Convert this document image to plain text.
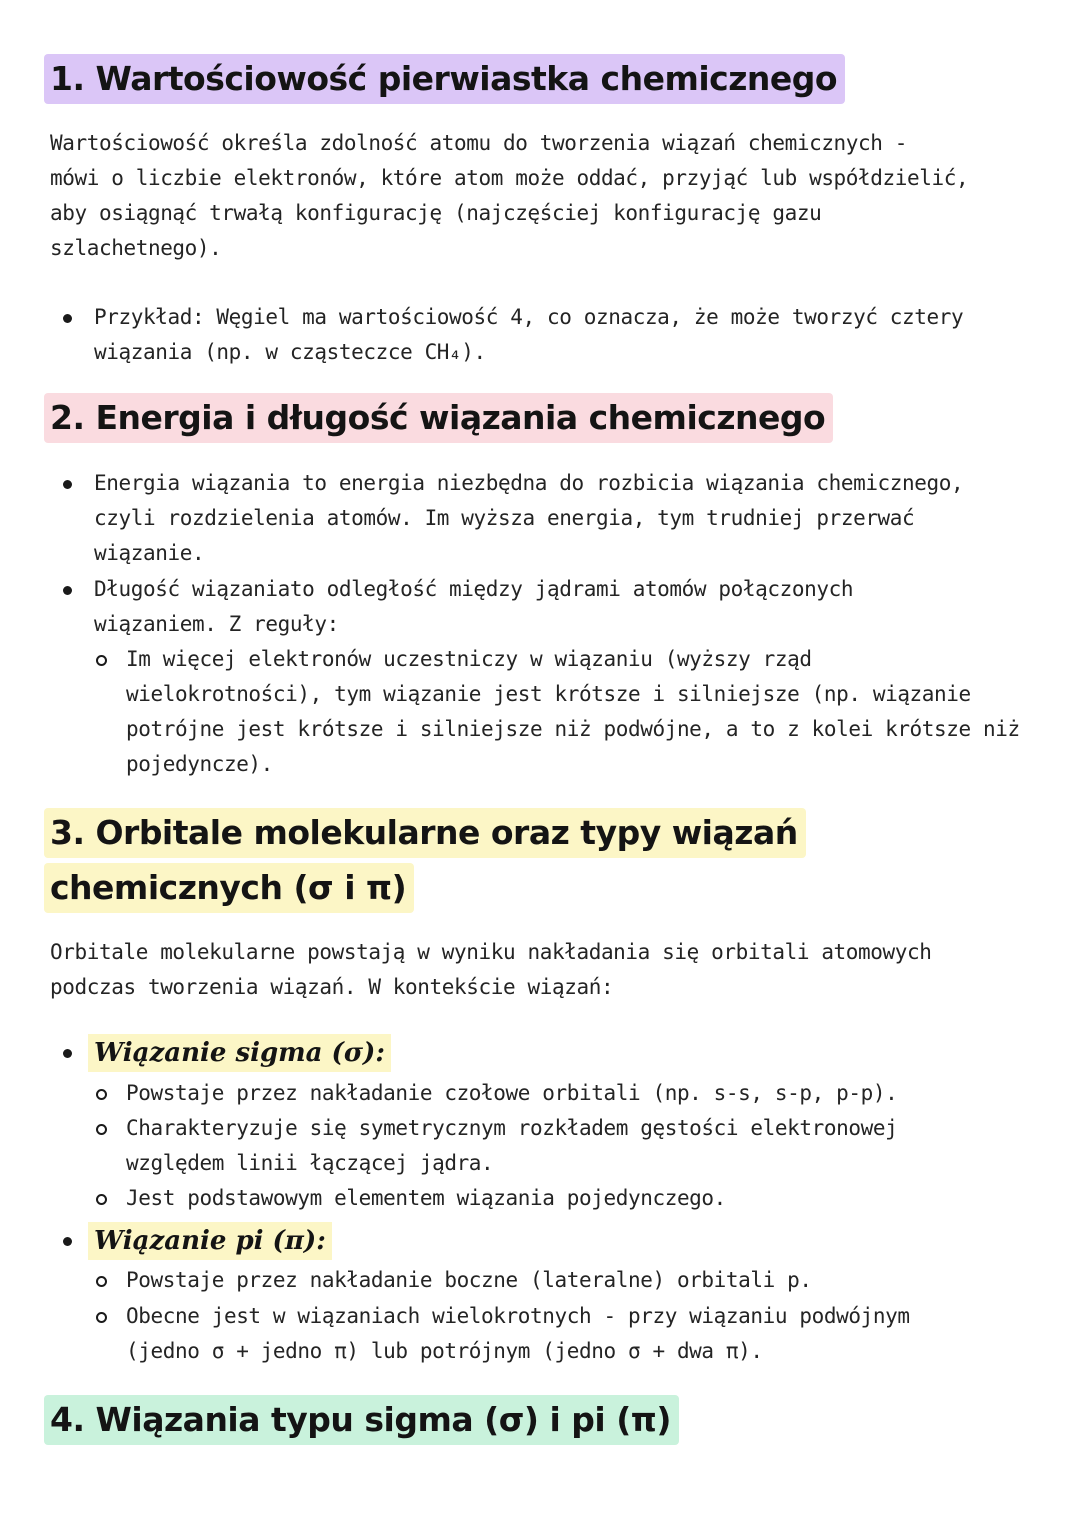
1. Wartościowość pierwiastka chemicznego

Wartościowość określa zdolność atomu do tworzenia wiązań chemicznych -

mówi o liczbie elektronów, które atom może oddać, przyjąć lub współdzielić,

aby osiągnąć trwałą konfigurację (najczęściej konfigurację gazu

szlachetnego).

Przykład: Węgiel ma wartościowość 4, co oznacza, że może tworzyć cztery

wiązania (np. w cząsteczce CH₄).

2. Energia i długość wiązania chemicznego

Energia wiązania to energia niezbędna do rozbicia wiązania chemicznego,

czyli rozdzielenia atomów. Im wyższa energia, tym trudniej przerwać

wiązanie.

Długość wiązaniato odległość między jądrami atomów połączonych

wiązaniem. Z reguły:

Im więcej elektronów uczestniczy w wiązaniu (wyższy rząd

wielokrotności), tym wiązanie jest krótsze i silniejsze (np. wiązanie

potrójne jest krótsze i silniejsze niż podwójne, a to z kolei krótsze niż

pojedyncze).

3. Orbitale molekularne oraz typy wiązań
chemicznych (σ i π)

Orbitale molekularne powstają w wyniku nakładania się orbitali atomowych

podczas tworzenia wiązań. W kontekście wiązań:

Wiązanie sigma (σ):

Powstaje przez nakładanie czołowe orbitali (np. s-s, s-p, p-p).

Charakteryzuje się symetrycznym rozkładem gęstości elektronowej

względem linii łączącej jądra.

Jest podstawowym elementem wiązania pojedynczego.

Wiązanie pi (π):

Powstaje przez nakładanie boczne (lateralne) orbitali p.

Obecne jest w wiązaniach wielokrotnych - przy wiązaniu podwójnym

(jedno σ + jedno π) lub potrójnym (jedno σ + dwa π).

4. Wiązania typu sigma (σ) i pi (π)
